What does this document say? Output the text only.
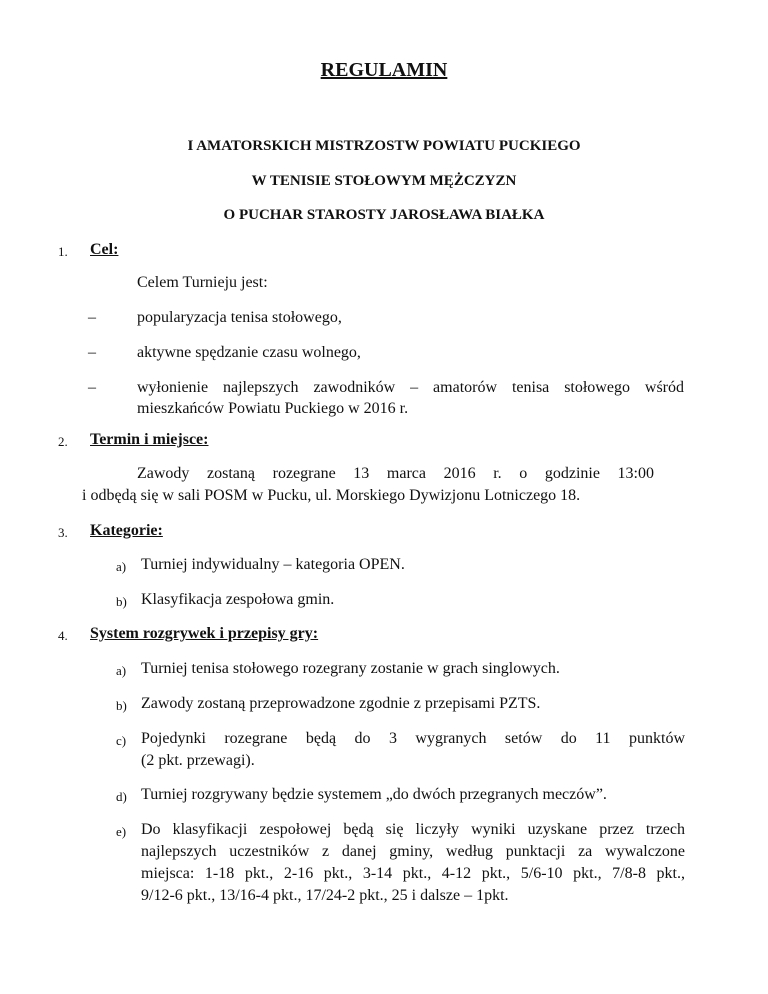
REGULAMIN
I AMATORSKICH MISTRZOSTW POWIATU PUCKIEGO
W TENISIE STOŁOWYM MĘŻCZYZN
O PUCHAR STAROSTY JAROSŁAWA BIAŁKA
1. Cel:
Celem Turnieju jest:
–	popularyzacja tenisa stołowego,
–	aktywne spędzanie czasu wolnego,
–	wyłonienie najlepszych zawodników – amatorów tenisa stołowego wśród
mieszkańców Powiatu Puckiego w 2016 r.
2. Termin i miejsce:
Zawody zostaną rozegrane 13 marca 2016 r. o godzinie 13:00
i odbędą się w sali POSM w Pucku, ul. Morskiego Dywizjonu Lotniczego 18.
3. Kategorie:
a) Turniej indywidualny – kategoria OPEN.
b) Klasyfikacja zespołowa gmin.
4. System rozgrywek i przepisy gry:
a) Turniej tenisa stołowego rozegrany zostanie w grach singlowych.
b) Zawody zostaną przeprowadzone zgodnie z przepisami PZTS.
c) Pojedynki rozegrane będą do 3 wygranych setów do 11 punktów
(2 pkt. przewagi).
d) Turniej rozgrywany będzie systemem „do dwóch przegranych meczów”.
e) Do klasyfikacji zespołowej będą się liczyły wyniki uzyskane przez trzech
najlepszych uczestników z danej gminy, według punktacji za wywalczone
miejsca: 1-18 pkt., 2-16 pkt., 3-14 pkt., 4-12 pkt., 5/6-10 pkt., 7/8-8 pkt.,
9/12-6 pkt., 13/16-4 pkt., 17/24-2 pkt., 25 i dalsze – 1pkt.
